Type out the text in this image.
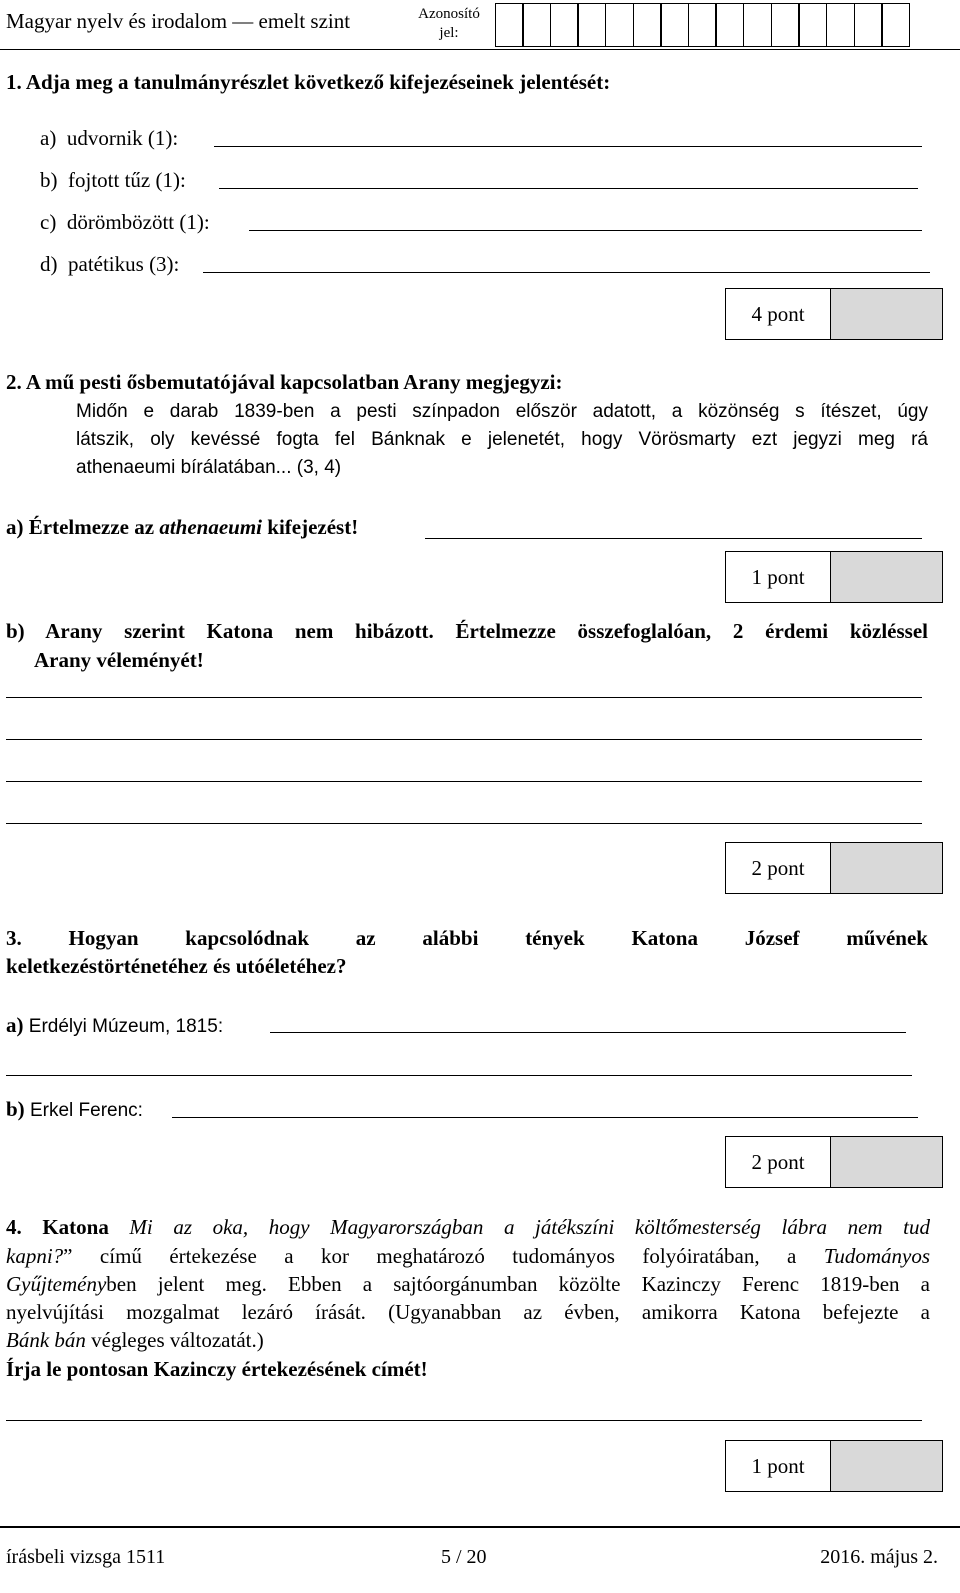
Magyar nyelv és irodalom — emelt szint	Azonosító
jel:
1. Adja meg a tanulmányrészlet következő kifejezéseinek jelentését:
a) udvornik (1):
b) fojtott tűz (1):
c) dörömbözött (1):
d) patétikus (3):
4 pont
2. A mű pesti ősbemutatójával kapcsolatban Arany megjegyzi:
Midőn e darab 1839-ben a pesti színpadon először adatott, a közönség s ítészet, úgy
látszik, oly kevéssé fogta fel Bánknak e jelenetét, hogy Vörösmarty ezt jegyzi meg rá
athenaeumi bírálatában... (3, 4)
a) Értelmezze az athenaeumi kifejezést!
1 pont
b) Arany szerint Katona nem hibázott. Értelmezze összefoglalóan, 2 érdemi közléssel
Arany véleményét!
2 pont
3. Hogyan kapcsolódnak az alábbi tények Katona József művének
keletkezéstörténetéhez és utóéletéhez?
a) Erdélyi Múzeum, 1815:
b) Erkel Ferenc:
2 pont
4. Katona Mi az oka, hogy Magyarországban a játékszíni költőmesterség lábra nem tud
kapni?” című értekezése a kor meghatározó tudományos folyóiratában, a Tudományos
Gyűjteményben jelent meg. Ebben a sajtóorgánumban közölte Kazinczy Ferenc 1819-ben a
nyelvújítási mozgalmat lezáró írását. (Ugyanabban az évben, amikorra Katona befejezte a
Bánk bán végleges változatát.)
Írja le pontosan Kazinczy értekezésének címét!
1 pont
írásbeli vizsga 1511	5 / 20	2016. május 2.
